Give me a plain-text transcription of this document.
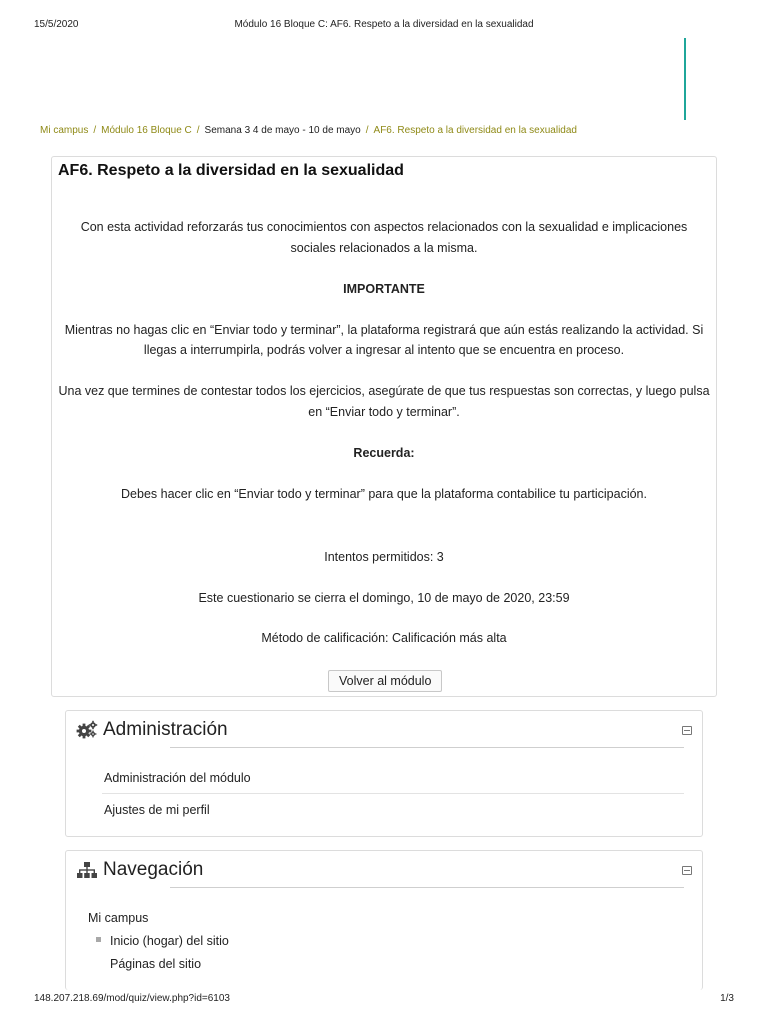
15/5/2020	Módulo 16 Bloque C: AF6. Respeto a la diversidad en la sexualidad
Mi campus / Módulo 16 Bloque C / Semana 3 4 de mayo - 10 de mayo / AF6. Respeto a la diversidad en la sexualidad
AF6. Respeto a la diversidad en la sexualidad

Con esta actividad reforzarás tus conocimientos con aspectos relacionados con la sexualidad e implicaciones sociales relacionados a la misma.

IMPORTANTE

Mientras no hagas clic en “Enviar todo y terminar”, la plataforma registrará que aún estás realizando la actividad. Si llegas a interrumpirla, podrás volver a ingresar al intento que se encuentra en proceso.

Una vez que termines de contestar todos los ejercicios, asegúrate de que tus respuestas son correctas, y luego pulsa en “Enviar todo y terminar”.

Recuerda:

Debes hacer clic en “Enviar todo y terminar” para que la plataforma contabilice tu participación.

Intentos permitidos: 3

Este cuestionario se cierra el domingo, 10 de mayo de 2020, 23:59

Método de calificación: Calificación más alta

Volver al módulo
Administración
Administración del módulo
Ajustes de mi perfil
Navegación
Mi campus
Inicio (hogar) del sitio
Páginas del sitio
148.207.218.69/mod/quiz/view.php?id=6103	1/3
